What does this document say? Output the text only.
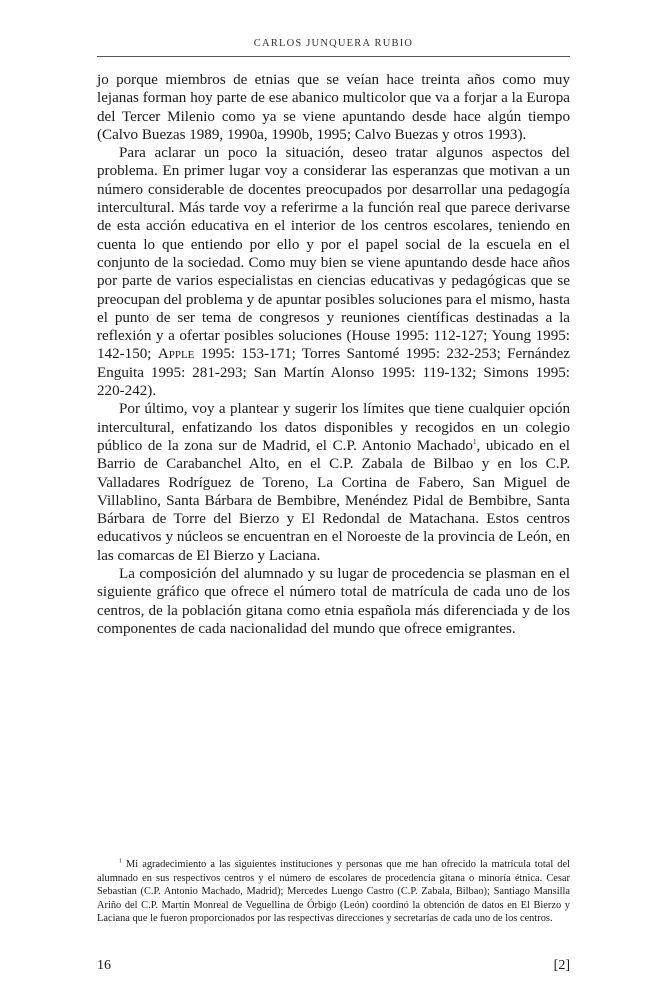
CARLOS JUNQUERA RUBIO

jo porque miembros de etnias que se veían hace treinta años como muy lejanas forman hoy parte de ese abanico multicolor que va a forjar a la Europa del Tercer Milenio como ya se viene apuntando desde hace algún tiempo (Calvo Buezas 1989, 1990a, 1990b, 1995; Calvo Buezas y otros 1993).

Para aclarar un poco la situación, deseo tratar algunos aspectos del problema. En primer lugar voy a considerar las esperanzas que motivan a un número considerable de docentes preocupados por desarrollar una pedagogía intercultural. Más tarde voy a referirme a la función real que parece derivarse de esta acción educativa en el interior de los centros escolares, teniendo en cuenta lo que entiendo por ello y por el papel social de la escuela en el conjunto de la sociedad. Como muy bien se viene apuntando desde hace años por parte de varios especialistas en ciencias educativas y pedagógicas que se preocupan del problema y de apuntar posibles soluciones para el mismo, hasta el punto de ser tema de congresos y reuniones científicas destinadas a la reflexión y a ofertar posibles soluciones (House 1995: 112-127; Young 1995: 142-150; Apple 1995: 153-171; Torres Santomé 1995: 232-253; Fernández Enguita 1995: 281-293; San Martín Alonso 1995: 119-132; Simons 1995: 220-242).

Por último, voy a plantear y sugerir los límites que tiene cualquier opción intercultural, enfatizando los datos disponibles y recogidos en un colegio público de la zona sur de Madrid, el C.P. Antonio Machado$^1$, ubicado en el Barrio de Carabanchel Alto, en el C.P. Zabala de Bilbao y en los C.P. Valladares Rodríguez de Toreno, La Cortina de Fabero, San Miguel de Villablino, Santa Bárbara de Bembibre, Menéndez Pidal de Bembibre, Santa Bárbara de Torre del Bierzo y El Redondal de Matachana. Estos centros educativos y núcleos se encuentran en el Noroeste de la provincia de León, en las comarcas de El Bierzo y Laciana.

La composición del alumnado y su lugar de procedencia se plasman en el siguiente gráfico que ofrece el número total de matrícula de cada uno de los centros, de la población gitana como etnia española más diferenciada y de los componentes de cada nacionalidad del mundo que ofrece emigrantes.

$^1$ Mi agradecimiento a las siguientes instituciones y personas que me han ofrecido la matrícula total del alumnado en sus respectivos centros y el número de escolares de procedencia gitana o minoría étnica. Cesar Sebastian (C.P. Antonio Machado, Madrid); Mercedes Luengo Castro (C.P. Zabala, Bilbao); Santiago Mansilla Ariño del C.P. Martín Monreal de Veguellina de Órbigo (León) coordinó la obtención de datos en El Bierzo y Laciana que le fueron proporcionados por las respectivas direcciones y secretarías de cada uno de los centros.
16	[2]
